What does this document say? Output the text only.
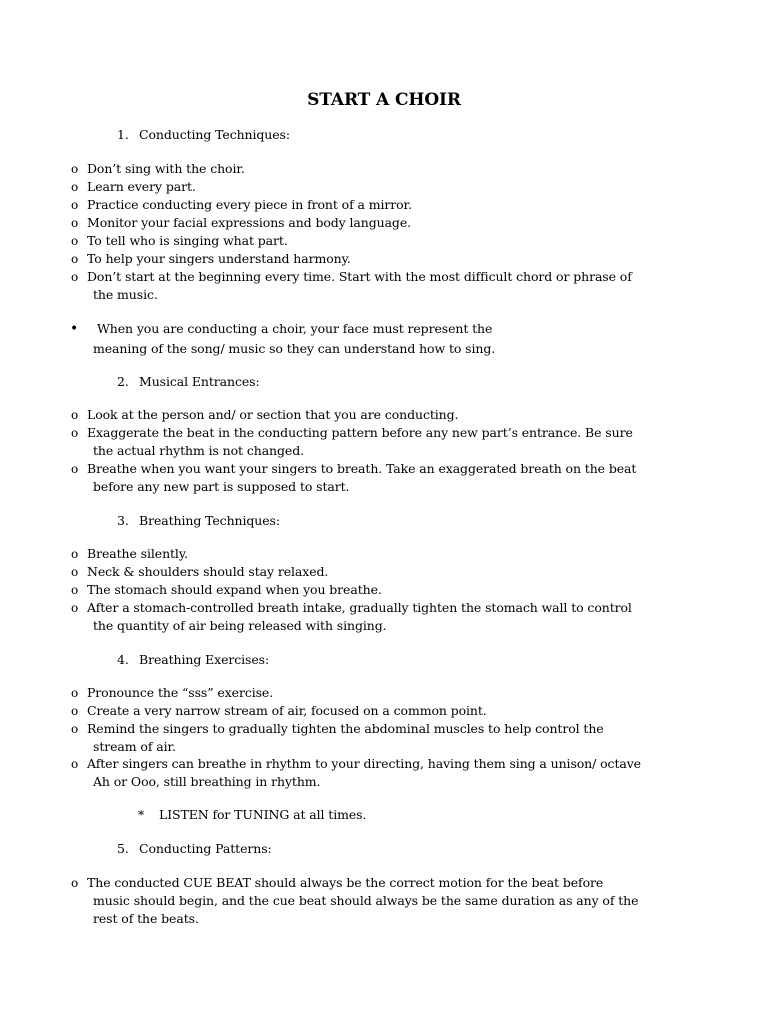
START A CHOIR
1. Conducting Techniques:
o Don’t sing with the choir.
o Learn every part.
o Practice conducting every piece in front of a mirror.
o Monitor your facial expressions and body language.
o To tell who is singing what part.
o To help your singers understand harmony.
o Don’t start at the beginning every time. Start with the most difficult chord or phrase of
the music.
• When you are conducting a choir, your face must represent the
meaning of the song/ music so they can understand how to sing.
2. Musical Entrances:
o Look at the person and/ or section that you are conducting.
o Exaggerate the beat in the conducting pattern before any new part’s entrance. Be sure
the actual rhythm is not changed.
o Breathe when you want your singers to breath. Take an exaggerated breath on the beat
before any new part is supposed to start.
3. Breathing Techniques:
o Breathe silently.
o Neck & shoulders should stay relaxed.
o The stomach should expand when you breathe.
o After a stomach-controlled breath intake, gradually tighten the stomach wall to control
the quantity of air being released with singing.
4. Breathing Exercises:
o Pronounce the “sss” exercise.
o Create a very narrow stream of air, focused on a common point.
o Remind the singers to gradually tighten the abdominal muscles to help control the
stream of air.
o After singers can breathe in rhythm to your directing, having them sing a unison/ octave
Ah or Ooo, still breathing in rhythm.
* LISTEN for TUNING at all times.
5. Conducting Patterns:
o The conducted CUE BEAT should always be the correct motion for the beat before
music should begin, and the cue beat should always be the same duration as any of the
rest of the beats.
